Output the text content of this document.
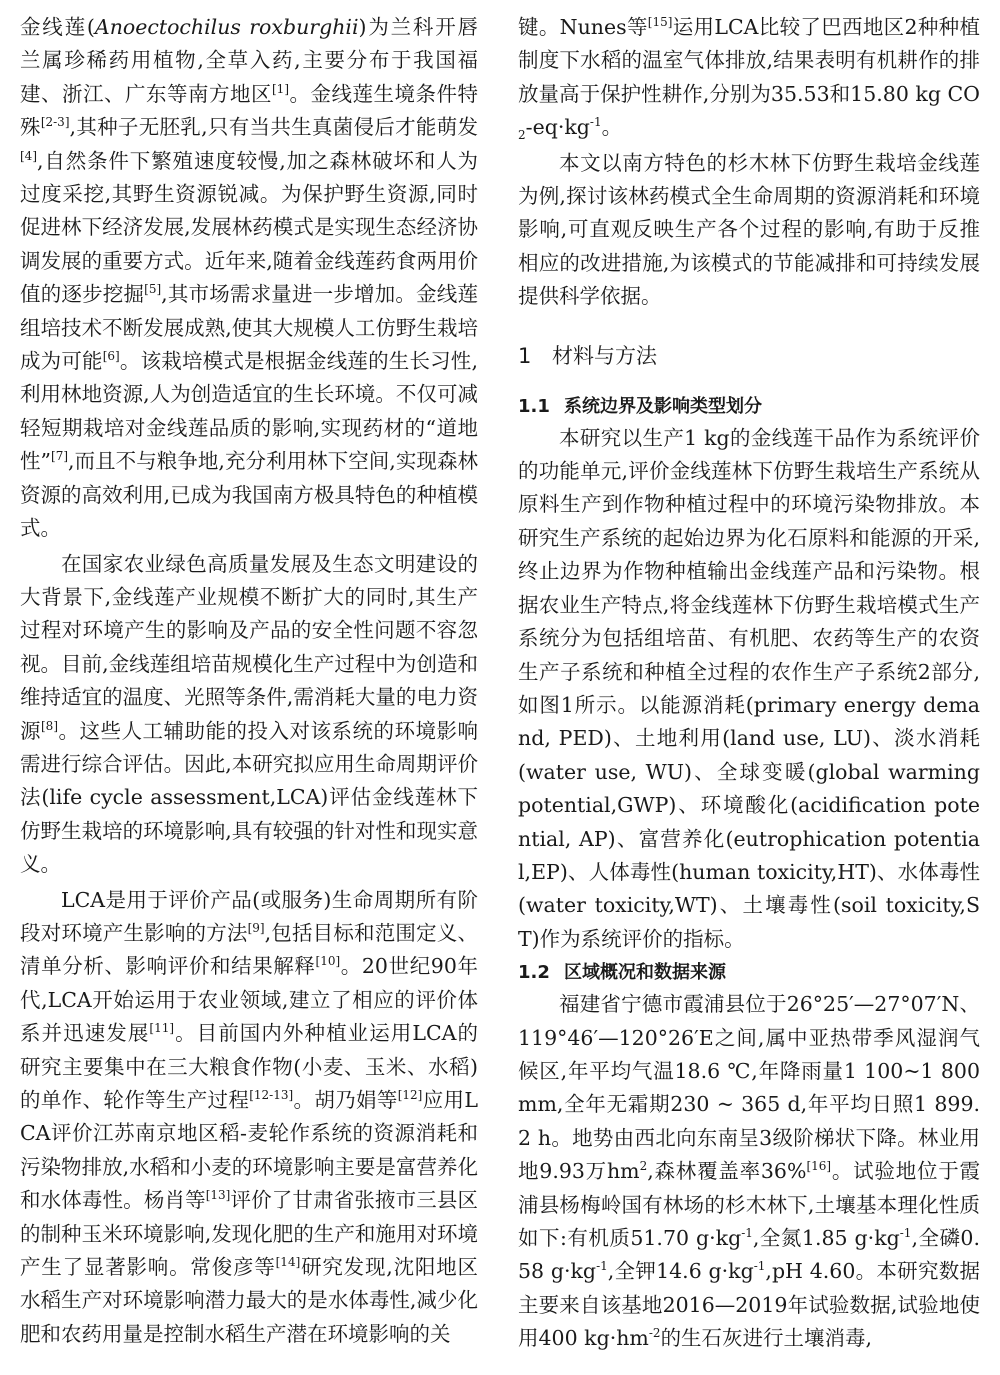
金线莲(Anoectochilus roxburghii)为兰科开唇兰属珍稀药用植物,全草入药,主要分布于我国福建、浙江、广东等南方地区[1]。金线莲生境条件特殊[2-3],其种子无胚乳,只有当共生真菌侵后才能萌发[4],自然条件下繁殖速度较慢,加之森林破坏和人为过度采挖,其野生资源锐减。为保护野生资源,同时促进林下经济发展,发展林药模式是实现生态经济协调发展的重要方式。近年来,随着金线莲药食两用价值的逐步挖掘[5],其市场需求量进一步增加。金线莲组培技术不断发展成熟,使其大规模人工仿野生栽培成为可能[6]。该栽培模式是根据金线莲的生长习性,利用林地资源,人为创造适宜的生长环境。不仅可减轻短期栽培对金线莲品质的影响,实现药材的“道地性”[7],而且不与粮争地,充分利用林下空间,实现森林资源的高效利用,已成为我国南方极具特色的种植模式。

在国家农业绿色高质量发展及生态文明建设的大背景下,金线莲产业规模不断扩大的同时,其生产过程对环境产生的影响及产品的安全性问题不容忽视。目前,金线莲组培苗规模化生产过程中为创造和维持适宜的温度、光照等条件,需消耗大量的电力资源[8]。这些人工辅助能的投入对该系统的环境影响需进行综合评估。因此,本研究拟应用生命周期评价法(life cycle assessment,LCA)评估金线莲林下仿野生栽培的环境影响,具有较强的针对性和现实意义。

LCA是用于评价产品(或服务)生命周期所有阶段对环境产生影响的方法[9],包括目标和范围定义、清单分析、影响评价和结果解释[10]。20世纪90年代,LCA开始运用于农业领域,建立了相应的评价体系并迅速发展[11]。目前国内外种植业运用LCA的研究主要集中在三大粮食作物(小麦、玉米、水稻)的单作、轮作等生产过程[12-13]。胡乃娟等[12]应用LCA评价江苏南京地区稻-麦轮作系统的资源消耗和污染物排放,水稻和小麦的环境影响主要是富营养化和水体毒性。杨肖等[13]评价了甘肃省张掖市三县区的制种玉米环境影响,发现化肥的生产和施用对环境产生了显著影响。常俊彦等[14]研究发现,沈阳地区水稻生产对环境影响潜力最大的是水体毒性,减少化肥和农药用量是控制水稻生产潜在环境影响的关

键。Nunes等[15]运用LCA比较了巴西地区2种种植制度下水稻的温室气体排放,结果表明有机耕作的排放量高于保护性耕作,分别为35.53和15.80 kg $CO_2-eq\cdot kg^{-1}$。

本文以南方特色的杉木林下仿野生栽培金线莲为例,探讨该林药模式全生命周期的资源消耗和环境影响,可直观反映生产各个过程的影响,有助于反推相应的改进措施,为该模式的节能减排和可持续发展提供科学依据。

1 材料与方法
1.1 系统边界及影响类型划分

本研究以生产1 kg的金线莲干品作为系统评价的功能单元,评价金线莲林下仿野生栽培生产系统从原料生产到作物种植过程中的环境污染物排放。本研究生产系统的起始边界为化石原料和能源的开采,终止边界为作物种植输出金线莲产品和污染物。根据农业生产特点,将金线莲林下仿野生栽培模式生产系统分为包括组培苗、有机肥、农药等生产的农资生产子系统和种植全过程的农作生产子系统2部分,如图1所示。以能源消耗(primary energy demand, PED)、土地利用(land use, LU)、淡水消耗(water use, WU)、全球变暖(global warming potential,GWP)、环境酸化(acidification potential, AP)、富营养化(eutrophication potential,EP)、人体毒性(human toxicity,HT)、水体毒性(water toxicity,WT)、土壤毒性(soil toxicity,ST)作为系统评价的指标。

1.2 区域概况和数据来源

福建省宁德市霞浦县位于26°25′—27°07′N、119°46′—120°26′E之间,属中亚热带季风湿润气候区,年平均气温18.6 ℃,年降雨量1 100~1 800 mm,全年无霜期230 ~ 365 d,年平均日照1 899.2 h。地势由西北向东南呈3级阶梯状下降。林业用地9.93万$hm^2$,森林覆盖率36%[16]。试验地位于霞浦县杨梅岭国有林场的杉木林下,土壤基本理化性质如下:有机质51.70 $g\cdot kg^{-1}$,全氮1.85 $g\cdot kg^{-1}$,全磷0.58 $g\cdot kg^{-1}$,全钾14.6 $g\cdot kg^{-1},pH$ 4.60。本研究数据主要来自该基地2016—2019年试验数据,试验地使用400 $kg\cdot hm^{-2}$的生石灰进行土壤消毒,
